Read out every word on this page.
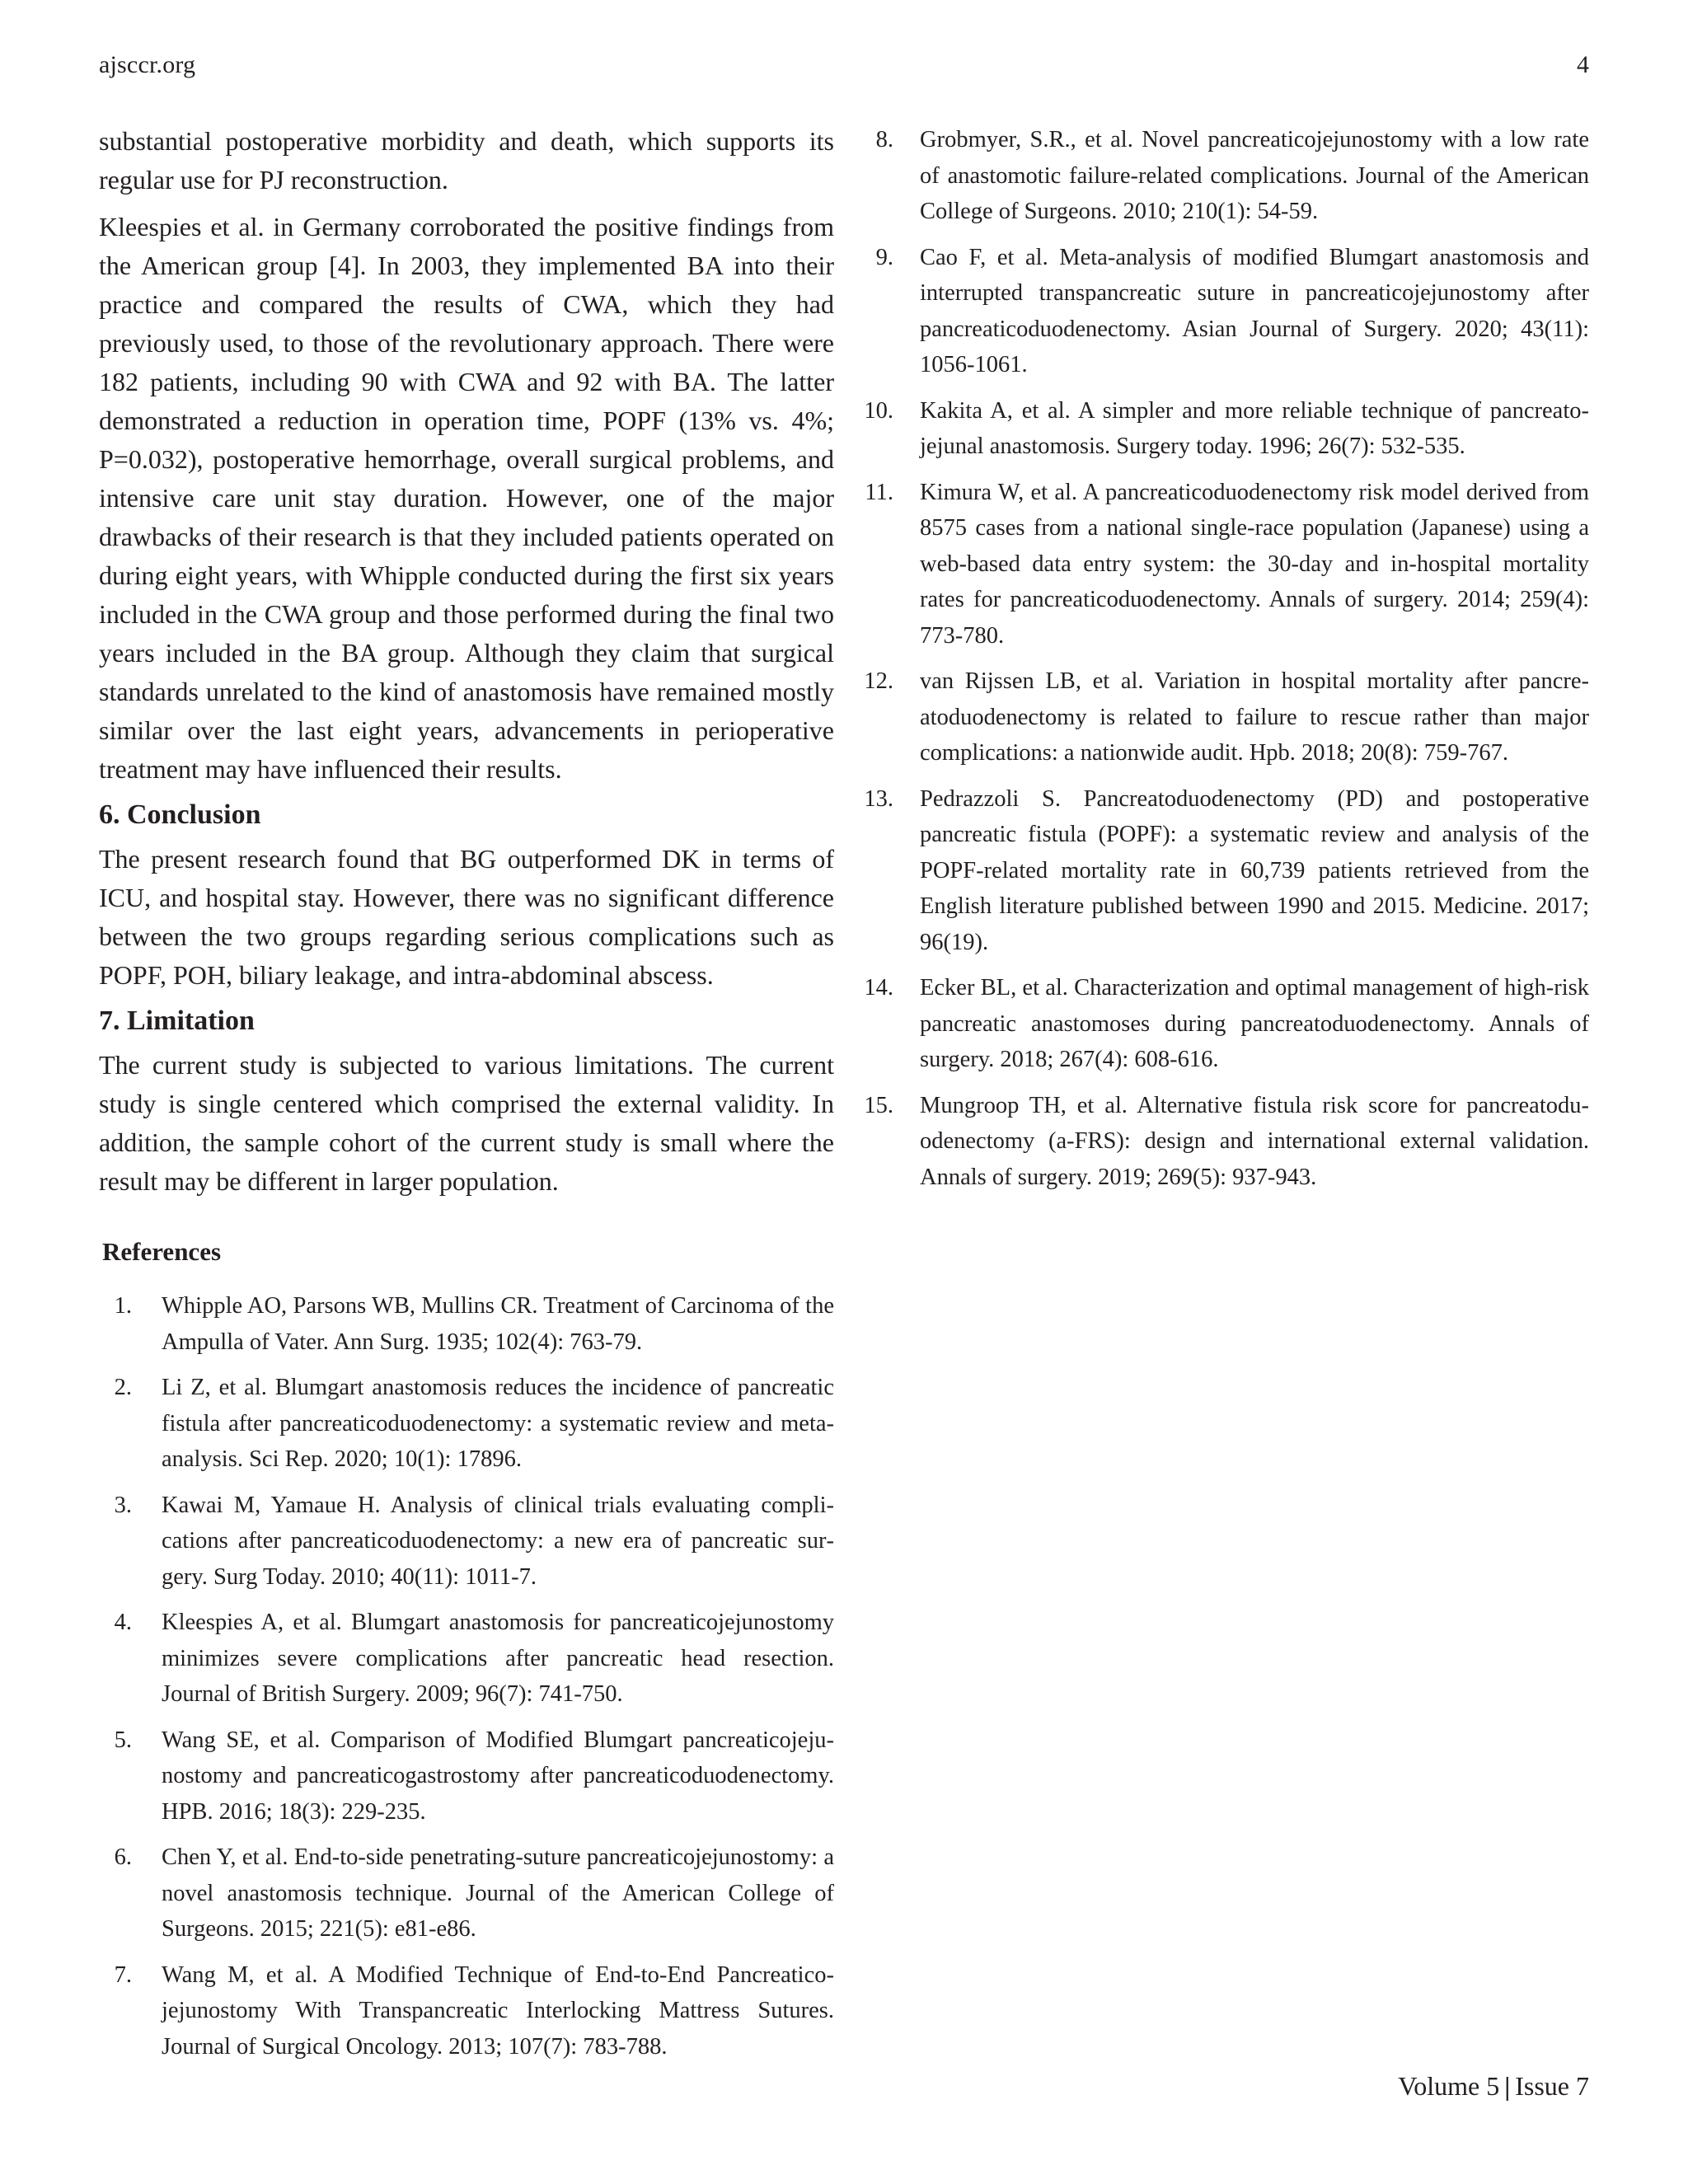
ajsccr.org	4

substantial postoperative morbidity and death, which supports its regular use for PJ reconstruction.

Kleespies et al. in Germany corroborated the positive findings from the American group [4]. In 2003, they implemented BA into their practice and compared the results of CWA, which they had previously used, to those of the revolutionary approach. There were 182 patients, including 90 with CWA and 92 with BA. The latter demonstrated a reduction in operation time, POPF (13% vs. 4%; P=0.032), postoperative hemorrhage, overall surgical problems, and intensive care unit stay duration. However, one of the major drawbacks of their research is that they included patients operated on during eight years, with Whipple conducted during the first six years included in the CWA group and those performed during the final two years included in the BA group. Although they claim that surgical standards unrelated to the kind of anastomosis have remained mostly similar over the last eight years, advancements in perioperative treatment may have influenced their results.

6. Conclusion

The present research found that BG outperformed DK in terms of ICU, and hospital stay. However, there was no significant difference between the two groups regarding serious complications such as POPF, POH, biliary leakage, and intra-abdominal abscess.

7. Limitation

The current study is subjected to various limitations. The current study is single centered which comprised the external validity. In addition, the sample cohort of the current study is small where the result may be different in larger population.

References
1. Whipple AO, Parsons WB, Mullins CR. Treatment of Carcinoma of the Ampulla of Vater. Ann Surg. 1935; 102(4): 763-79.
2. Li Z, et al. Blumgart anastomosis reduces the incidence of pancreatic fistula after pancreaticoduodenectomy: a systematic review and meta-analysis. Sci Rep. 2020; 10(1): 17896.
3. Kawai M, Yamaue H. Analysis of clinical trials evaluating complications after pancreaticoduodenectomy: a new era of pancreatic surgery. Surg Today. 2010; 40(11): 1011-7.
4. Kleespies A, et al. Blumgart anastomosis for pancreaticojejunostomy minimizes severe complications after pancreatic head resection. Journal of British Surgery. 2009; 96(7): 741-750.
5. Wang SE, et al. Comparison of Modified Blumgart pancreaticojejunostomy and pancreaticogastrostomy after pancreaticoduodenectomy. HPB. 2016; 18(3): 229-235.
6. Chen Y, et al. End-to-side penetrating-suture pancreaticojejunostomy: a novel anastomosis technique. Journal of the American College of Surgeons. 2015; 221(5): e81-e86.
7. Wang M, et al. A Modified Technique of End-to-End Pancreaticojejunostomy With Transpancreatic Interlocking Mattress Sutures. Journal of Surgical Oncology. 2013; 107(7): 783-788.
8. Grobmyer, S.R., et al. Novel pancreaticojejunostomy with a low rate of anastomotic failure-related complications. Journal of the American College of Surgeons. 2010; 210(1): 54-59.
9. Cao F, et al. Meta-analysis of modified Blumgart anastomosis and interrupted transpancreatic suture in pancreaticojejunostomy after pancreaticoduodenectomy. Asian Journal of Surgery. 2020; 43(11): 1056-1061.
10. Kakita A, et al. A simpler and more reliable technique of pancreatojejunal anastomosis. Surgery today. 1996; 26(7): 532-535.
11. Kimura W, et al. A pancreaticoduodenectomy risk model derived from 8575 cases from a national single-race population (Japanese) using a web-based data entry system: the 30-day and in-hospital mortality rates for pancreaticoduodenectomy. Annals of surgery. 2014; 259(4): 773-780.
12. van Rijssen LB, et al. Variation in hospital mortality after pancreatoduodenectomy is related to failure to rescue rather than major complications: a nationwide audit. Hpb. 2018; 20(8): 759-767.
13. Pedrazzoli S. Pancreatoduodenectomy (PD) and postoperative pancreatic fistula (POPF): a systematic review and analysis of the POPF-related mortality rate in 60,739 patients retrieved from the English literature published between 1990 and 2015. Medicine. 2017; 96(19).
14. Ecker BL, et al. Characterization and optimal management of high-risk pancreatic anastomoses during pancreatoduodenectomy. Annals of surgery. 2018; 267(4): 608-616.
15. Mungroop TH, et al. Alternative fistula risk score for pancreatoduodenectomy (a-FRS): design and international external validation. Annals of surgery. 2019; 269(5): 937-943.
Volume 5 | Issue 7
